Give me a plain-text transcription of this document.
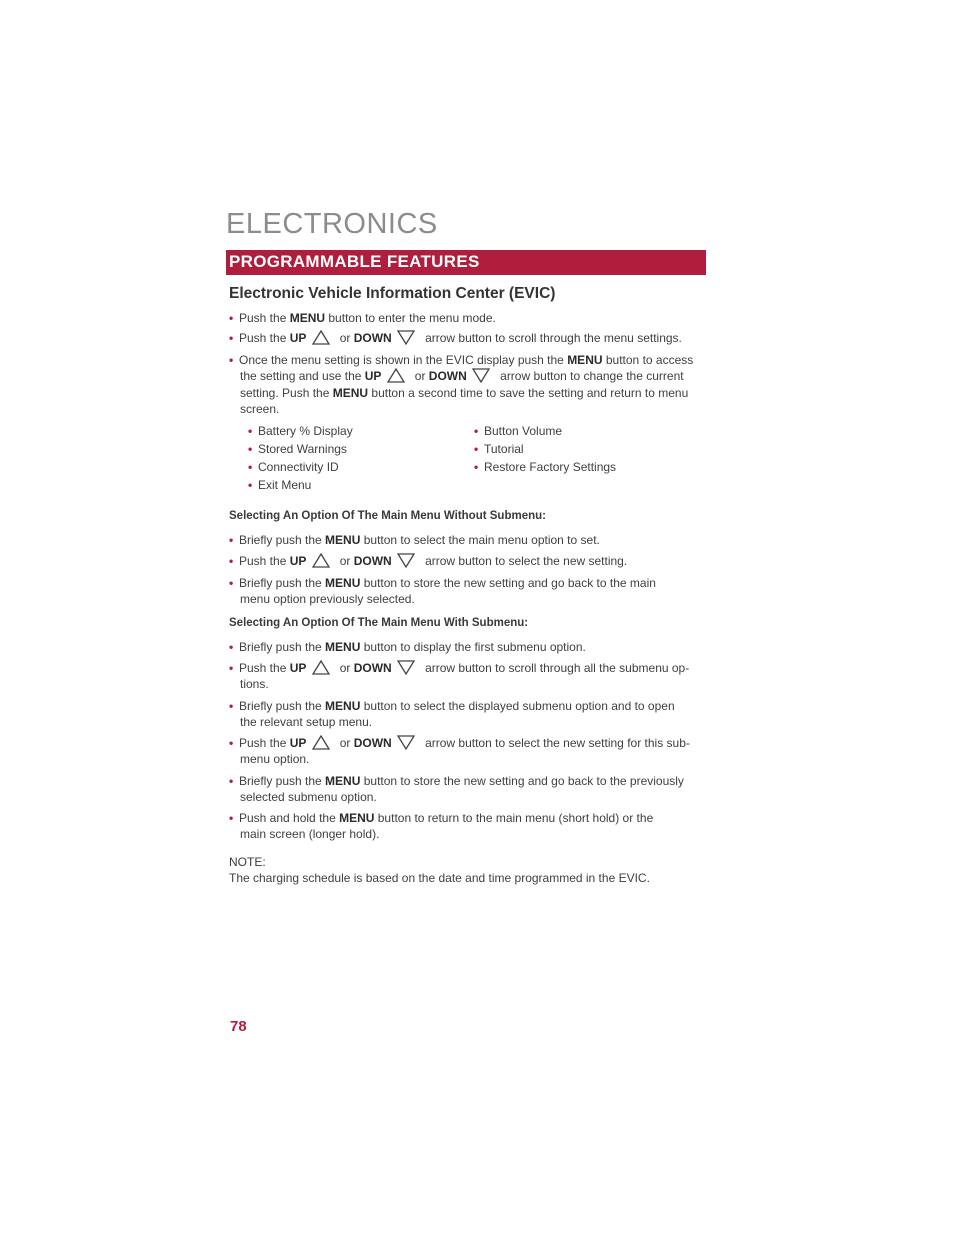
ELECTRONICS
PROGRAMMABLE FEATURES
Electronic Vehicle Information Center (EVIC)
• Push the MENU button to enter the menu mode.
• Push the UP	or DOWN	arrow button to scroll through the menu settings.
• Once the menu setting is shown in the EVIC display push the MENU button to access
the setting and use the UP	or DOWN	arrow button to change the current
setting. Push the MENU button a second time to save the setting and return to menu
screen.
• Battery % Display
• Stored Warnings
• Connectivity ID
• Exit Menu
• Button Volume
• Tutorial
• Restore Factory Settings
Selecting An Option Of The Main Menu Without Submenu:
• Briefly push the MENU button to select the main menu option to set.
• Push the UP	or DOWN	arrow button to select the new setting.
• Briefly push the MENU button to store the new setting and go back to the main
menu option previously selected.
Selecting An Option Of The Main Menu With Submenu:
• Briefly push the MENU button to display the first submenu option.
• Push the UP	or DOWN	arrow button to scroll through all the submenu op-
tions.
• Briefly push the MENU button to select the displayed submenu option and to open
the relevant setup menu.
• Push the UP	or DOWN	arrow button to select the new setting for this sub-
menu option.
• Briefly push the MENU button to store the new setting and go back to the previously
selected submenu option.
• Push and hold the MENU button to return to the main menu (short hold) or the
main screen (longer hold).
NOTE:
The charging schedule is based on the date and time programmed in the EVIC.
78
